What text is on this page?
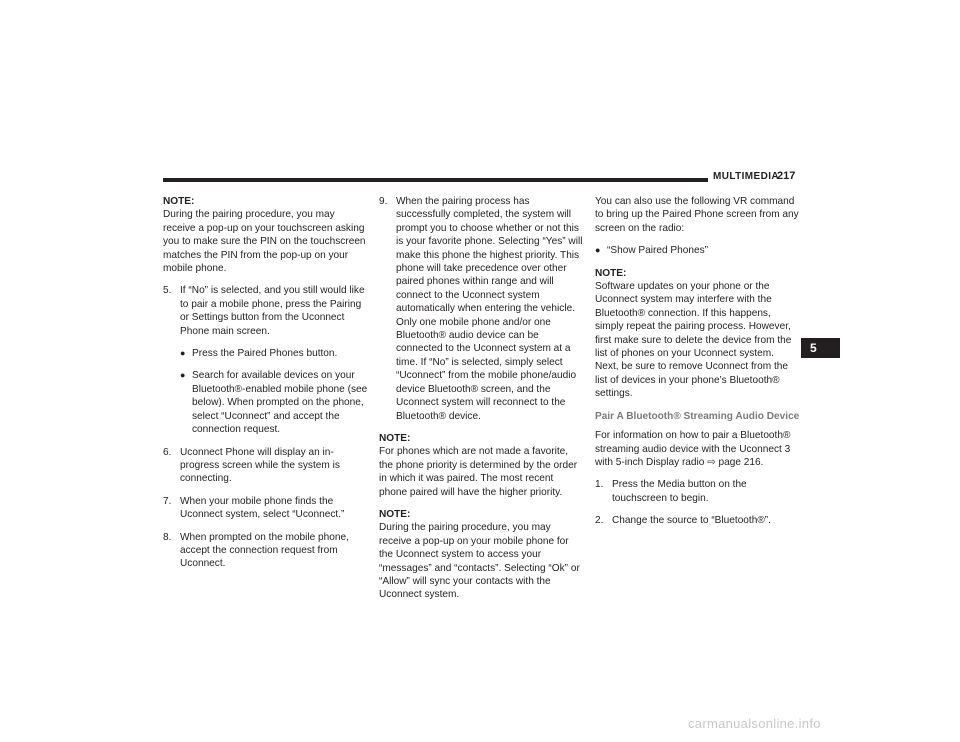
MULTIMEDIA
217
NOTE:

During the pairing procedure, you may receive a pop-up on your touchscreen asking you to make sure the PIN on the touchscreen matches the PIN from the pop-up on your mobile phone.

5. If “No” is selected, and you still would like to pair a mobile phone, press the Pairing or Settings button from the Uconnect Phone main screen.
● Press the Paired Phones button.
● Search for available devices on your Bluetooth®-enabled mobile phone (see below). When prompted on the phone, select “Uconnect” and accept the connection request.
6. Uconnect Phone will display an in-progress screen while the system is connecting.
7. When your mobile phone finds the Uconnect system, select “Uconnect.”
8. When prompted on the mobile phone, accept the connection request from Uconnect.
9. When the pairing process has successfully completed, the system will prompt you to choose whether or not this is your favorite phone. Selecting “Yes” will make this phone the highest priority. This phone will take precedence over other paired phones within range and will connect to the Uconnect system automatically when entering the vehicle. Only one mobile phone and/or one Bluetooth® audio device can be connected to the Uconnect system at a time. If “No” is selected, simply select “Uconnect” from the mobile phone/audio device Bluetooth® screen, and the Uconnect system will reconnect to the Bluetooth® device.
NOTE:

For phones which are not made a favorite, the phone priority is determined by the order in which it was paired. The most recent phone paired will have the higher priority.

NOTE:

During the pairing procedure, you may receive a pop-up on your mobile phone for the Uconnect system to access your “messages” and “contacts”. Selecting “Ok” or “Allow” will sync your contacts with the Uconnect system.

You can also use the following VR command to bring up the Paired Phone screen from any screen on the radio:

● “Show Paired Phones”
NOTE:

Software updates on your phone or the Uconnect system may interfere with the Bluetooth® connection. If this happens, simply repeat the pairing process. However, first make sure to delete the device from the list of phones on your Uconnect system. Next, be sure to remove Uconnect from the list of devices in your phone’s Bluetooth® settings.

Pair A Bluetooth® Streaming Audio Device

For information on how to pair a Bluetooth® streaming audio device with the Uconnect 3 with 5-inch Display radio ⇨ page 216.

1. Press the Media button on the touchscreen to begin.
2. Change the source to “Bluetooth®”.
5
carmanualsonline.info
